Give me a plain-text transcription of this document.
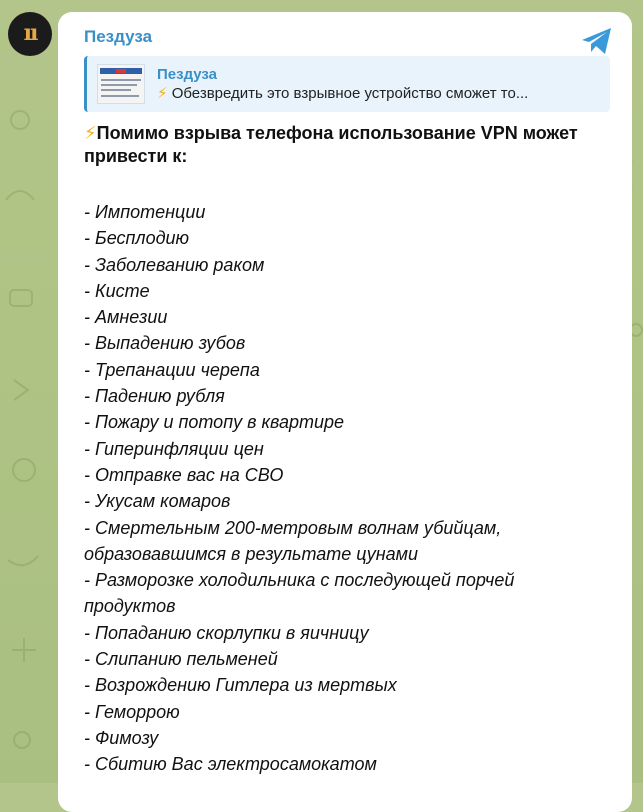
ıı	Пездуза
Пездуза
⚡ Обезвредить это взрывное устройство сможет то...
⚡Помимо взрыва телефона использование VPN может привести к:
- Импотенции
- Бесплодию
- Заболеванию раком
- Кисте
- Амнезии
- Выпадению зубов
- Трепанации черепа
- Падению рубля
- Пожару и потопу в квартире
- Гиперинфляции цен
- Отправке вас на СВО
- Укусам комаров
- Смертельным 200-метровым волнам убийцам, образовавшимся в результате цунами
- Разморозке холодильника с последующей порчей продуктов
- Попаданию скорлупки в яичницу
- Слипанию пельменей
- Возрождению Гитлера из мертвых
- Геморрою
- Фимозу
- Сбитию Вас электросамокатом
